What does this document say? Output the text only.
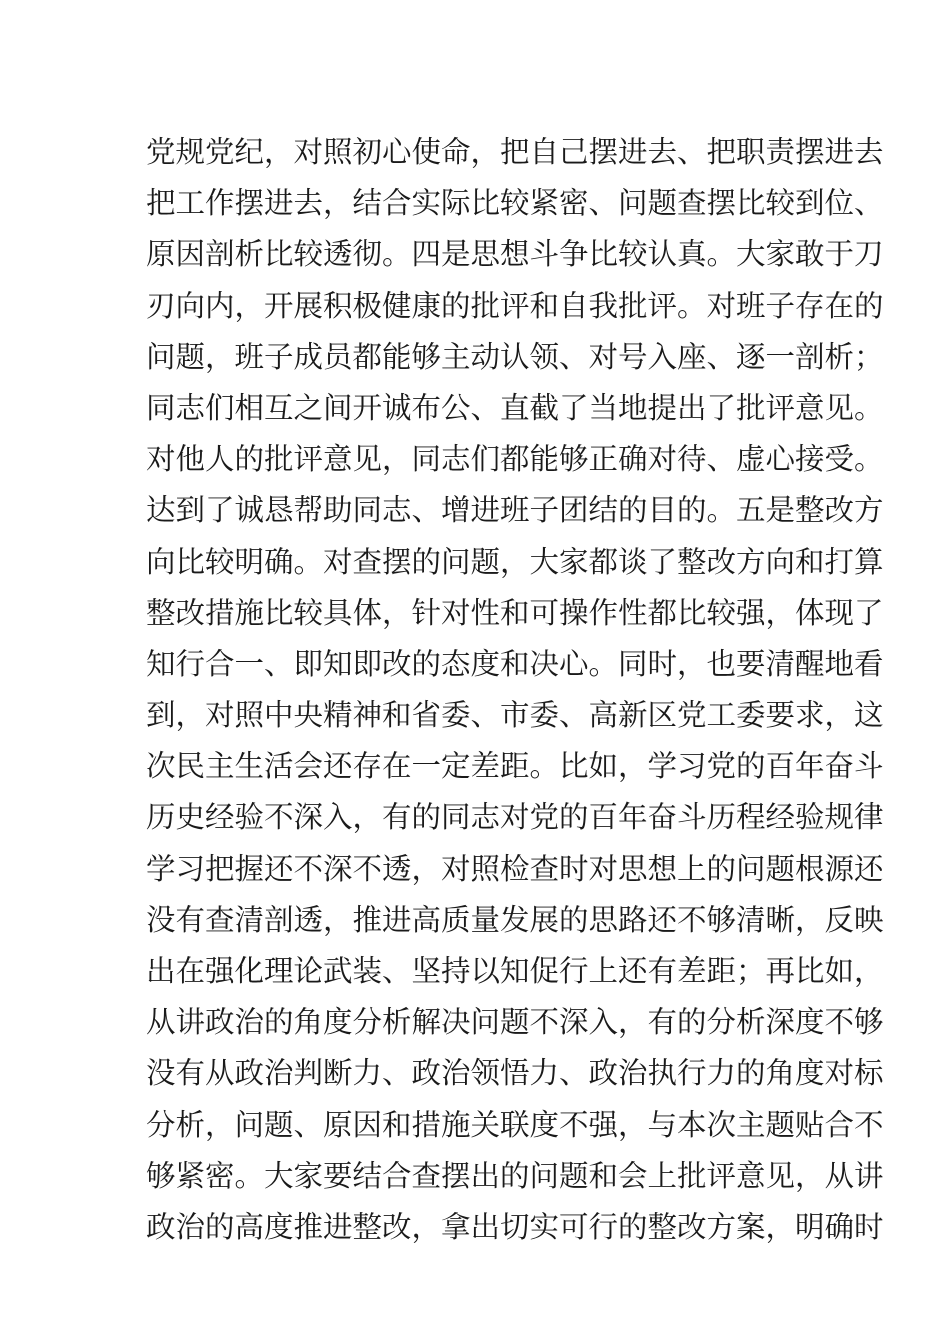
党规党纪，对照初心使命，把自己摆进去、把职责摆进去
把工作摆进去，结合实际比较紧密、问题查摆比较到位、
原因剖析比较透彻。四是思想斗争比较认真。大家敢于刀
刃向内，开展积极健康的批评和自我批评。对班子存在的
问题，班子成员都能够主动认领、对号入座、逐一剖析；
同志们相互之间开诚布公、直截了当地提出了批评意见。
对他人的批评意见，同志们都能够正确对待、虚心接受。
达到了诚恳帮助同志、增进班子团结的目的。五是整改方
向比较明确。对查摆的问题，大家都谈了整改方向和打算
整改措施比较具体，针对性和可操作性都比较强，体现了
知行合一、即知即改的态度和决心。同时，也要清醒地看
到，对照中央精神和省委、市委、高新区党工委要求，这
次民主生活会还存在一定差距。比如，学习党的百年奋斗
历史经验不深入，有的同志对党的百年奋斗历程经验规律
学习把握还不深不透，对照检查时对思想上的问题根源还
没有查清剖透，推进高质量发展的思路还不够清晰，反映
出在强化理论武装、坚持以知促行上还有差距；再比如，
从讲政治的角度分析解决问题不深入，有的分析深度不够
没有从政治判断力、政治领悟力、政治执行力的角度对标
分析，问题、原因和措施关联度不强，与本次主题贴合不
够紧密。大家要结合查摆出的问题和会上批评意见，从讲
政治的高度推进整改，拿出切实可行的整改方案，明确时
